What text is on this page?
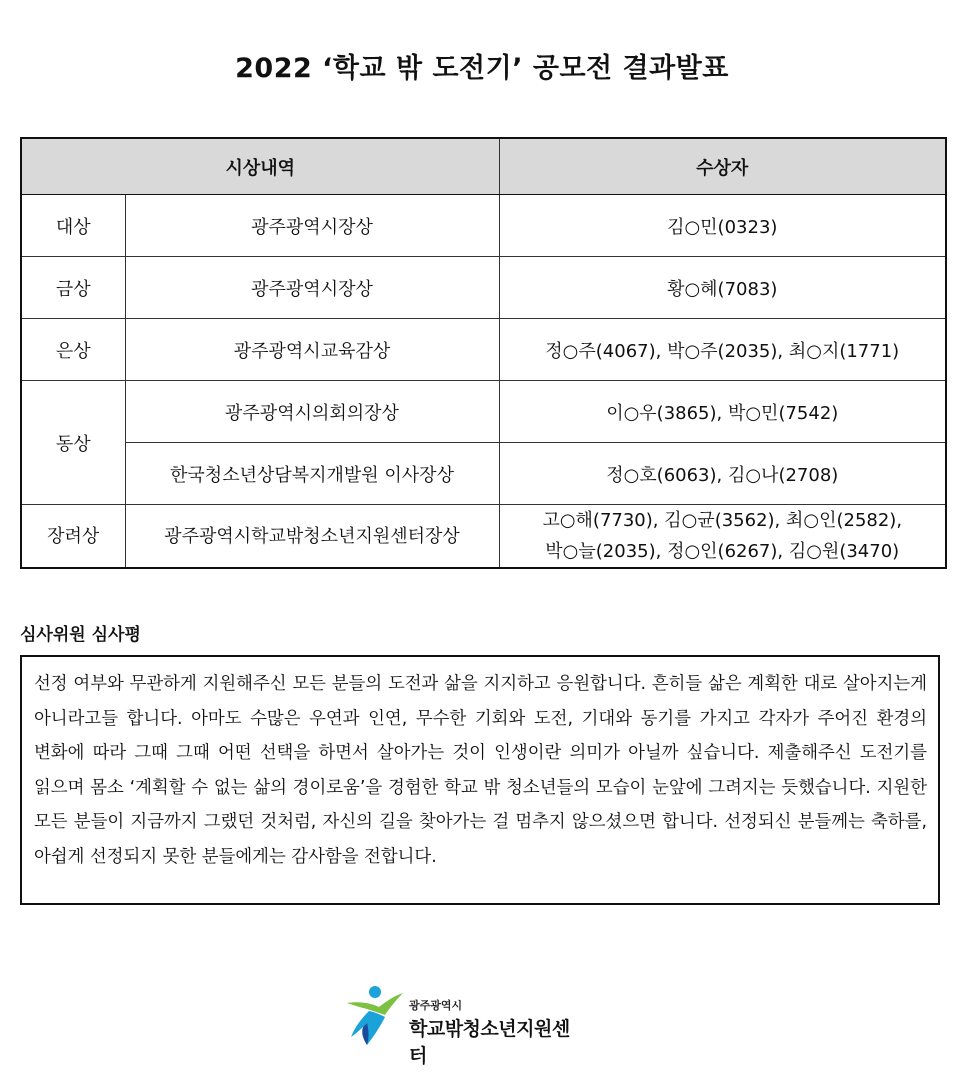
2022 ‘학교 밖 도전기’ 공모전 결과발표
시상내역		수상자
대상	광주광역시장상	김○민(0323)
금상	광주광역시장상	황○혜(7083)
은상	광주광역시교육감상	정○주(4067), 박○주(2035), 최○지(1771)
동상	광주광역시의회의장상	이○우(3865), 박○민(7542)
	한국청소년상담복지개발원 이사장상	정○호(6063), 김○나(2708)
장려상	광주광역시학교밖청소년지원센터장상	고○해(7730), 김○균(3562), 최○인(2582),
박○늘(2035), 정○인(6267), 김○원(3470)
심사위원 심사평
선정 여부와 무관하게 지원해주신 모든 분들의 도전과 삶을 지지하고 응원합니다. 흔히들 삶은 계획한 대로 살아지는게 아니라고들 합니다. 아마도 수많은 우연과 인연, 무수한 기회와 도전, 기대와 동기를 가지고 각자가 주어진 환경의 변화에 따라 그때 그때 어떤 선택을 하면서 살아가는 것이 인생이란 의미가 아닐까 싶습니다. 제출해주신 도전기를 읽으며 몸소 ‘계획할 수 없는 삶의 경이로움’을 경험한 학교 밖 청소년들의 모습이 눈앞에 그려지는 듯했습니다. 지원한 모든 분들이 지금까지 그랬던 것처럼, 자신의 길을 찾아가는 걸 멈추지 않으셨으면 합니다. 선정되신 분들께는 축하를, 아쉽게 선정되지 못한 분들에게는 감사함을 전합니다.
광주광역시
학교밖청소년지원센터
